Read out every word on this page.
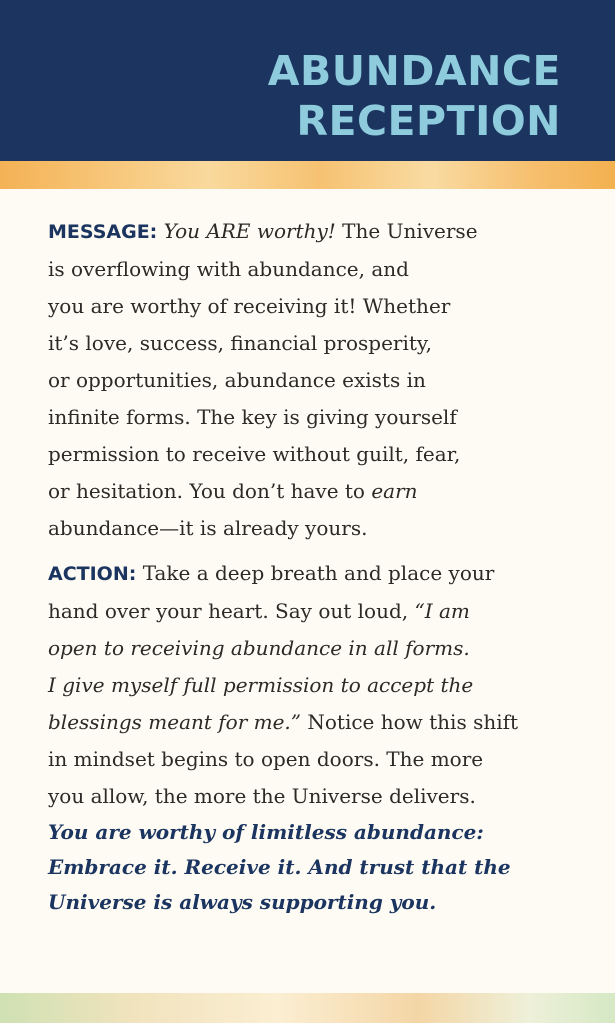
ABUNDANCE
RECEPTION

MESSAGE: You ARE worthy! The Universe
is overflowing with abundance, and
you are worthy of receiving it! Whether
it’s love, success, financial prosperity,
or opportunities, abundance exists in
infinite forms. The key is giving yourself
permission to receive without guilt, fear,
or hesitation. You don’t have to earn
abundance—it is already yours.

ACTION: Take a deep breath and place your
hand over your heart. Say out loud, “I am
open to receiving abundance in all forms.
I give myself full permission to accept the
blessings meant for me.” Notice how this shift
in mindset begins to open doors. The more
you allow, the more the Universe delivers.

You are worthy of limitless abundance:
Embrace it. Receive it. And trust that the
Universe is always supporting you.
